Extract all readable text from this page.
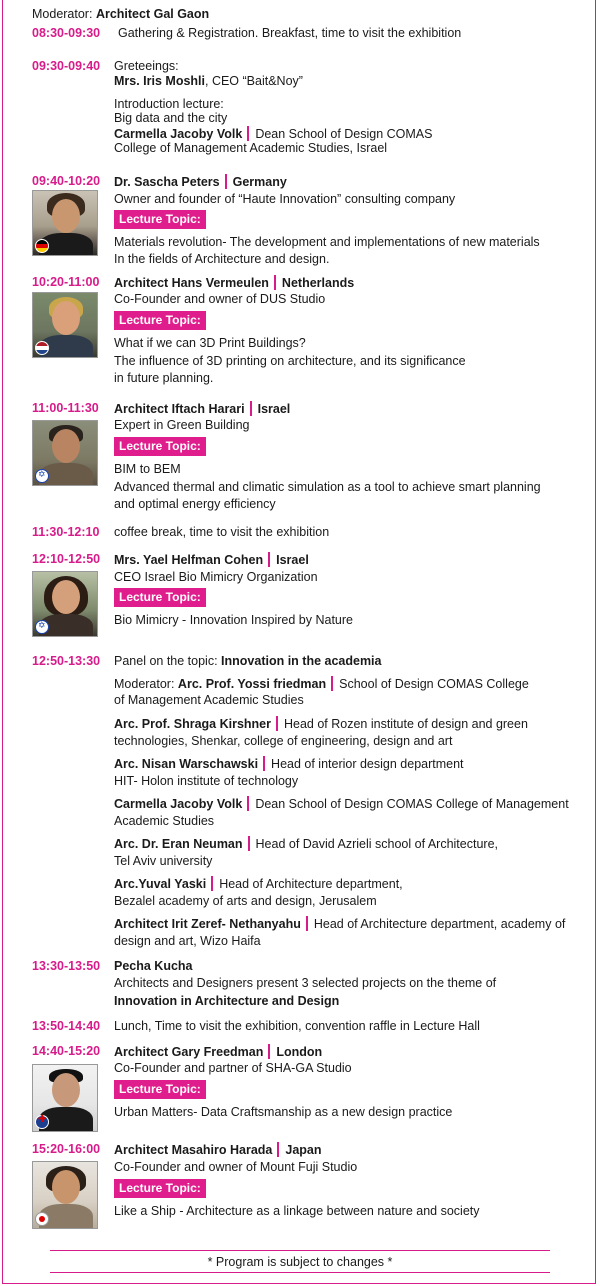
Moderator: Architect Gal Gaon
08:30-09:30 Gathering & Registration. Breakfast, time to visit the exhibition
09:30-09:40 Greteeings:
Mrs. Iris Moshli, CEO “Bait&Noy”
Introduction lecture:
Big data and the city
Carmella Jacoby Volk Dean School of Design COMAS
College of Management Academic Studies, Israel
09:40-10:20 Dr. Sascha Peters Germany
Owner and founder of “Haute Innovation” consulting company
Lecture Topic:
Materials revolution- The development and implementations of new materials
In the fields of Architecture and design.
10:20-11:00 Architect Hans Vermeulen Netherlands
Co-Founder and owner of DUS Studio
Lecture Topic:
What if we can 3D Print Buildings?
The influence of 3D printing on architecture, and its significance
in future planning.
11:00-11:30 Architect Iftach Harari Israel
Expert in Green Building
✡
Lecture Topic:
BIM to BEM
Advanced thermal and climatic simulation as a tool to achieve smart planning
and optimal energy efficiency
11:30-12:10 coffee break, time to visit the exhibition
12:10-12:50 Mrs. Yael Helfman Cohen Israel
CEO Israel Bio Mimicry Organization
✡
Lecture Topic:
Bio Mimicry - Innovation Inspired by Nature
12:50-13:30 Panel on the topic: Innovation in the academia
Moderator: Arc. Prof. Yossi friedman School of Design COMAS College
of Management Academic Studies
Arc. Prof. Shraga Kirshner Head of Rozen institute of design and green
technologies, Shenkar, college of engineering, design and art
Arc. Nisan Warschawski Head of interior design department
HIT- Holon institute of technology
Carmella Jacoby Volk Dean School of Design COMAS College of Management
Academic Studies
Arc. Dr. Eran Neuman Head of David Azrieli school of Architecture,
Tel Aviv university
Arc.Yuval Yaski Head of Architecture department,
Bezalel academy of arts and design, Jerusalem
Architect Irit Zeref- Nethanyahu Head of Architecture department, academy of
design and art, Wizo Haifa
13:30-13:50 Pecha Kucha
Architects and Designers present 3 selected projects on the theme of
Innovation in Architecture and Design
13:50-14:40 Lunch, Time to visit the exhibition, convention raffle in Lecture Hall
14:40-15:20 Architect Gary Freedman London
Co-Founder and partner of SHA-GA Studio
✚
Lecture Topic:
Urban Matters- Data Craftsmanship as a new design practice
15:20-16:00 Architect Masahiro Harada Japan
Co-Founder and owner of Mount Fuji Studio
Lecture Topic:
Like a Ship - Architecture as a linkage between nature and society
* Program is subject to changes *
